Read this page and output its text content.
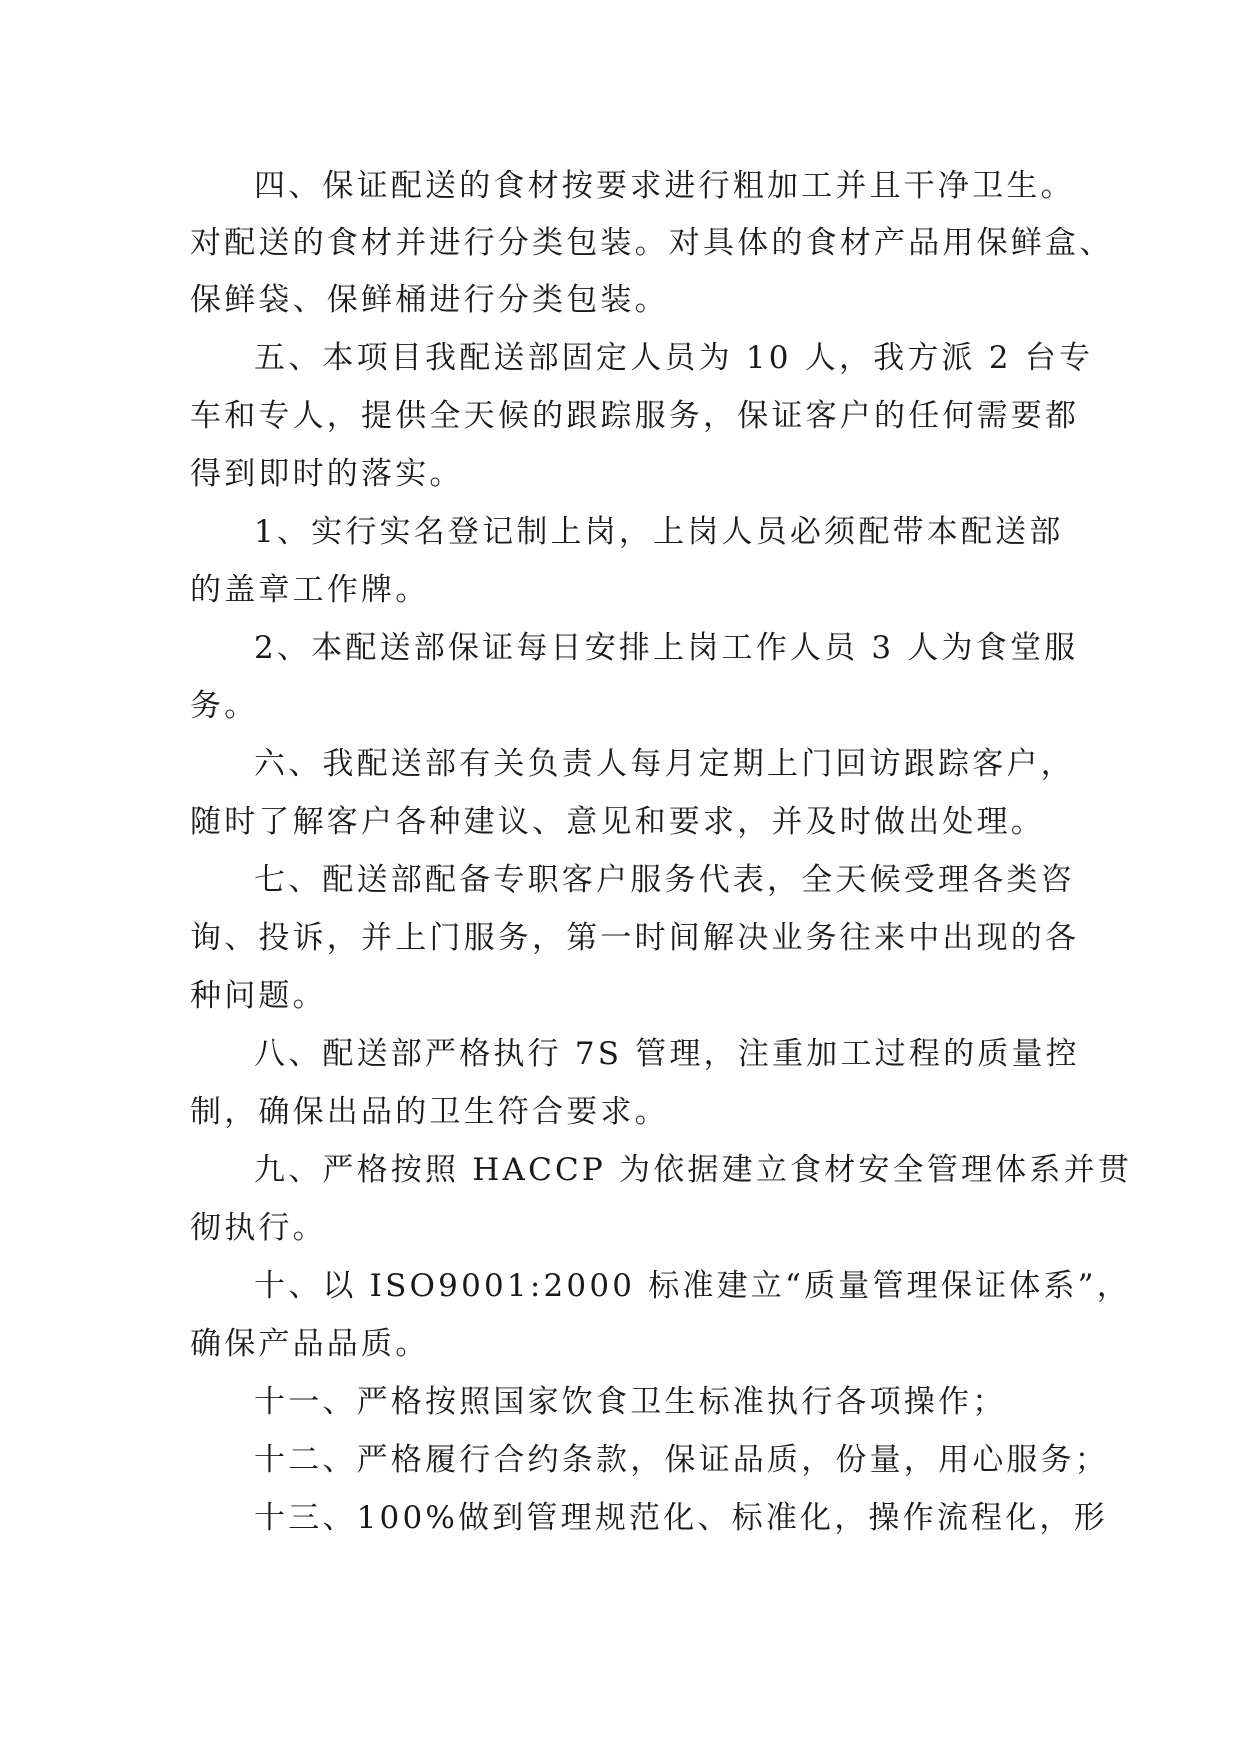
四、保证配送的食材按要求进行粗加工并且干净卫生。
对配送的食材并进行分类包装。对具体的食材产品用保鲜盒、
保鲜袋、保鲜桶进行分类包装。
五、本项目我配送部固定人员为 10 人，我方派 2 台专
车和专人，提供全天候的跟踪服务，保证客户的任何需要都
得到即时的落实。
1、实行实名登记制上岗，上岗人员必须配带本配送部
的盖章工作牌。
2、本配送部保证每日安排上岗工作人员 3 人为食堂服
务。
六、我配送部有关负责人每月定期上门回访跟踪客户，
随时了解客户各种建议、意见和要求，并及时做出处理。
七、配送部配备专职客户服务代表，全天候受理各类咨
询、投诉，并上门服务，第一时间解决业务往来中出现的各
种问题。
八、配送部严格执行 7S 管理，注重加工过程的质量控
制，确保出品的卫生符合要求。
九、严格按照 HACCP 为依据建立食材安全管理体系并贯
彻执行。
十、以 ISO9001:2000 标准建立“质量管理保证体系”，
确保产品品质。
十一、严格按照国家饮食卫生标准执行各项操作；
十二、严格履行合约条款，保证品质，份量，用心服务；
十三、100%做到管理规范化、标准化，操作流程化，形
